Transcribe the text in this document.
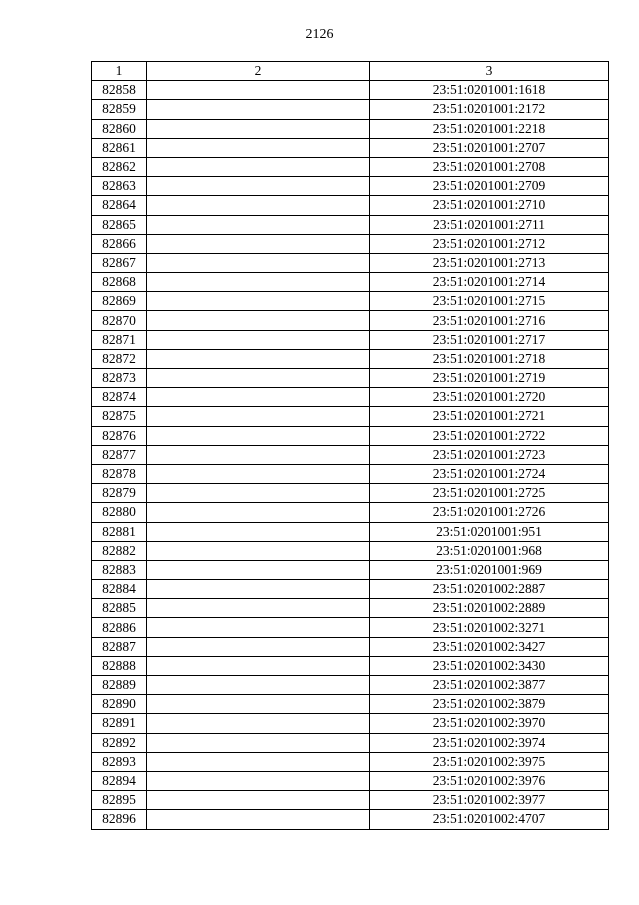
2126
1	2	3
82858		23:51:0201001:1618
82859		23:51:0201001:2172
82860		23:51:0201001:2218
82861		23:51:0201001:2707
82862		23:51:0201001:2708
82863		23:51:0201001:2709
82864		23:51:0201001:2710
82865		23:51:0201001:2711
82866		23:51:0201001:2712
82867		23:51:0201001:2713
82868		23:51:0201001:2714
82869		23:51:0201001:2715
82870		23:51:0201001:2716
82871		23:51:0201001:2717
82872		23:51:0201001:2718
82873		23:51:0201001:2719
82874		23:51:0201001:2720
82875		23:51:0201001:2721
82876		23:51:0201001:2722
82877		23:51:0201001:2723
82878		23:51:0201001:2724
82879		23:51:0201001:2725
82880		23:51:0201001:2726
82881		23:51:0201001:951
82882		23:51:0201001:968
82883		23:51:0201001:969
82884		23:51:0201002:2887
82885		23:51:0201002:2889
82886		23:51:0201002:3271
82887		23:51:0201002:3427
82888		23:51:0201002:3430
82889		23:51:0201002:3877
82890		23:51:0201002:3879
82891		23:51:0201002:3970
82892		23:51:0201002:3974
82893		23:51:0201002:3975
82894		23:51:0201002:3976
82895		23:51:0201002:3977
82896		23:51:0201002:4707
